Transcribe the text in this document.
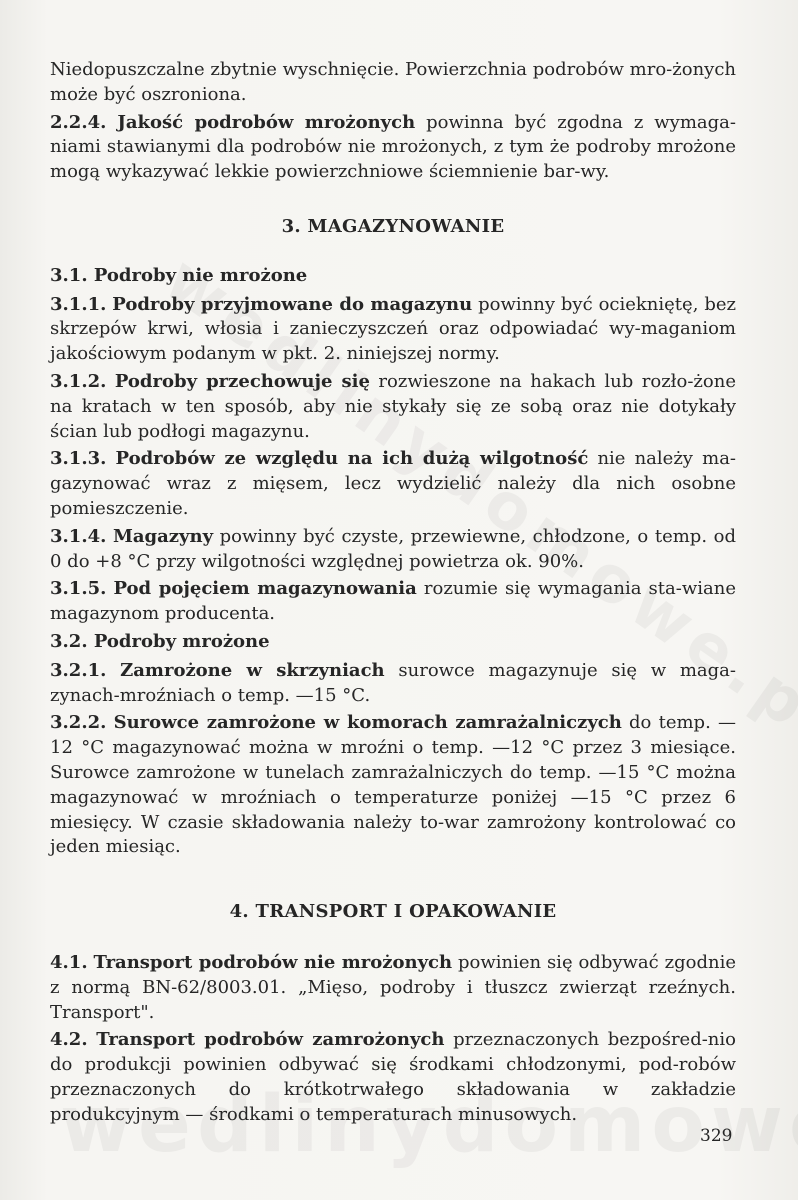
Niedopuszczalne zbytnie wyschnięcie. Powierzchnia podrobów mro-żonych może być oszroniona.

2.2.4. Jakość podrobów mrożonych powinna być zgodna z wymaga-niami stawianymi dla podrobów nie mrożonych, z tym że podroby mrożone mogą wykazywać lekkie powierzchniowe ściemnienie bar-wy.

3. MAGAZYNOWANIE
3.1. Podroby nie mrożone

3.1.1. Podroby przyjmowane do magazynu powinny być ociekniętę, bez skrzepów krwi, włosia i zanieczyszczeń oraz odpowiadać wy-maganiom jakościowym podanym w pkt. 2. niniejszej normy.

3.1.2. Podroby przechowuje się rozwieszone na hakach lub rozło-żone na kratach w ten sposób, aby nie stykały się ze sobą oraz nie dotykały ścian lub podłogi magazynu.

3.1.3. Podrobów ze względu na ich dużą wilgotność nie należy ma-gazynować wraz z mięsem, lecz wydzielić należy dla nich osobne pomieszczenie.

3.1.4. Magazyny powinny być czyste, przewiewne, chłodzone, o temp. od 0 do +8 °C przy wilgotności względnej powietrza ok. 90%.

3.1.5. Pod pojęciem magazynowania rozumie się wymagania sta-wiane magazynom producenta.

3.2. Podroby mrożone

3.2.1. Zamrożone w skrzyniach surowce magazynuje się w maga-zynach-mroźniach o temp. —15 °C.

3.2.2. Surowce zamrożone w komorach zamrażalniczych do temp. —12 °C magazynować można w mroźni o temp. —12 °C przez 3 miesiące. Surowce zamrożone w tunelach zamrażalniczych do temp. —15 °C można magazynować w mroźniach o temperaturze poniżej —15 °C przez 6 miesięcy. W czasie składowania należy to-war zamrożony kontrolować co jeden miesiąc.

4. TRANSPORT I OPAKOWANIE

4.1. Transport podrobów nie mrożonych powinien się odbywać zgodnie z normą BN-62/8003.01. „Mięso, podroby i tłuszcz zwierząt rzeźnych. Transport".

4.2. Transport podrobów zamrożonych przeznaczonych bezpośred-nio do produkcji powinien odbywać się środkami chłodzonymi, pod-robów przeznaczonych do krótkotrwałego składowania w zakładzie produkcyjnym — środkami o temperaturach minusowych.

329
